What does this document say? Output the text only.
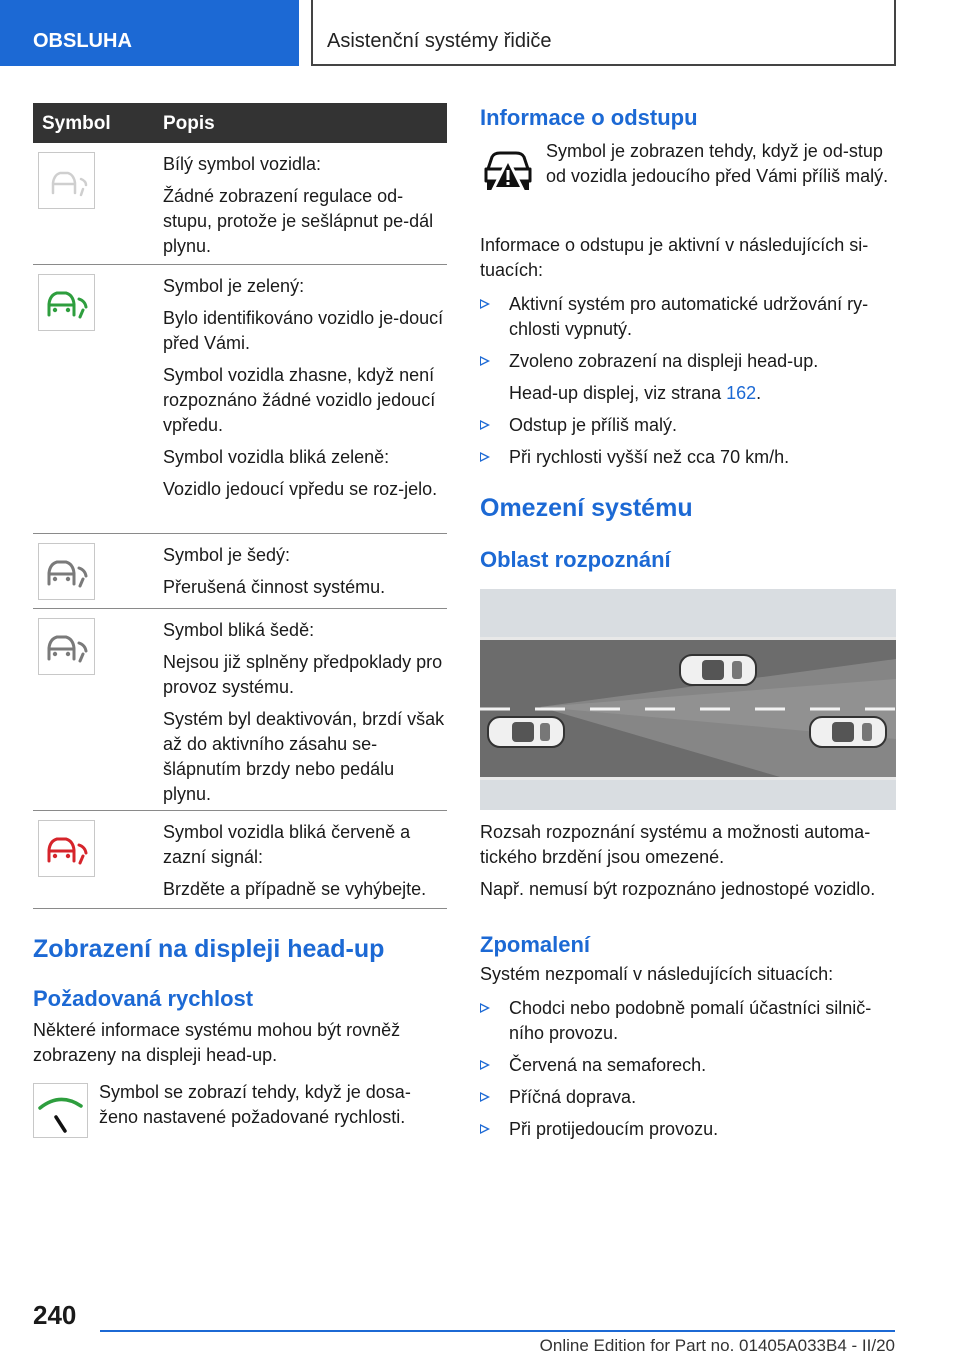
OBSLUHA	Asistenční systémy řidiče
Symbol	Popis

Bílý symbol vozidla:

Žádné zobrazení regulace od-stupu, protože je sešlápnut pe-dál plynu.

Symbol je zelený:

Bylo identifikováno vozidlo je-doucí před Vámi.

Symbol vozidla zhasne, když není rozpoznáno žádné vozidlo jedoucí vpředu.

Symbol vozidla bliká zeleně:

Vozidlo jedoucí vpředu se roz-jelo.

Symbol je šedý:

Přerušená činnost systému.

Symbol bliká šedě:

Nejsou již splněny předpoklady pro provoz systému.

Systém byl deaktivován, brzdí však až do aktivního zásahu se-šlápnutím brzdy nebo pedálu plynu.

Symbol vozidla bliká červeně a zazní signál:

Brzděte a případně se vyhýbejte.

Zobrazení na displeji head-up
Požadovaná rychlost

Některé informace systému mohou být rovněž zobrazeny na displeji head-up.

Symbol se zobrazí tehdy, když je dosa-ženo nastavené požadované rychlosti.

Informace o odstupu

Symbol je zobrazen tehdy, když je od-stup od vozidla jedoucího před Vámi příliš malý.

Informace o odstupu je aktivní v následujících si-tuacích:

Aktivní systém pro automatické udržování ry-chlosti vypnutý.
Zvoleno zobrazení na displeji head-up.
Head-up displej, viz strana 162.
Odstup je příliš malý.
Při rychlosti vyšší než cca 70 km/h.
Omezení systému
Oblast rozpoznání

Rozsah rozpoznání systému a možnosti automa-tického brzdění jsou omezené.

Např. nemusí být rozpoznáno jednostopé vozidlo.

Zpomalení

Systém nezpomalí v následujících situacích:

Chodci nebo podobně pomalí účastníci silnič-ního provozu.
Červená na semaforech.
Příčná doprava.
Při protijedoucím provozu.
240
Online Edition for Part no. 01405A033B4 - II/20
